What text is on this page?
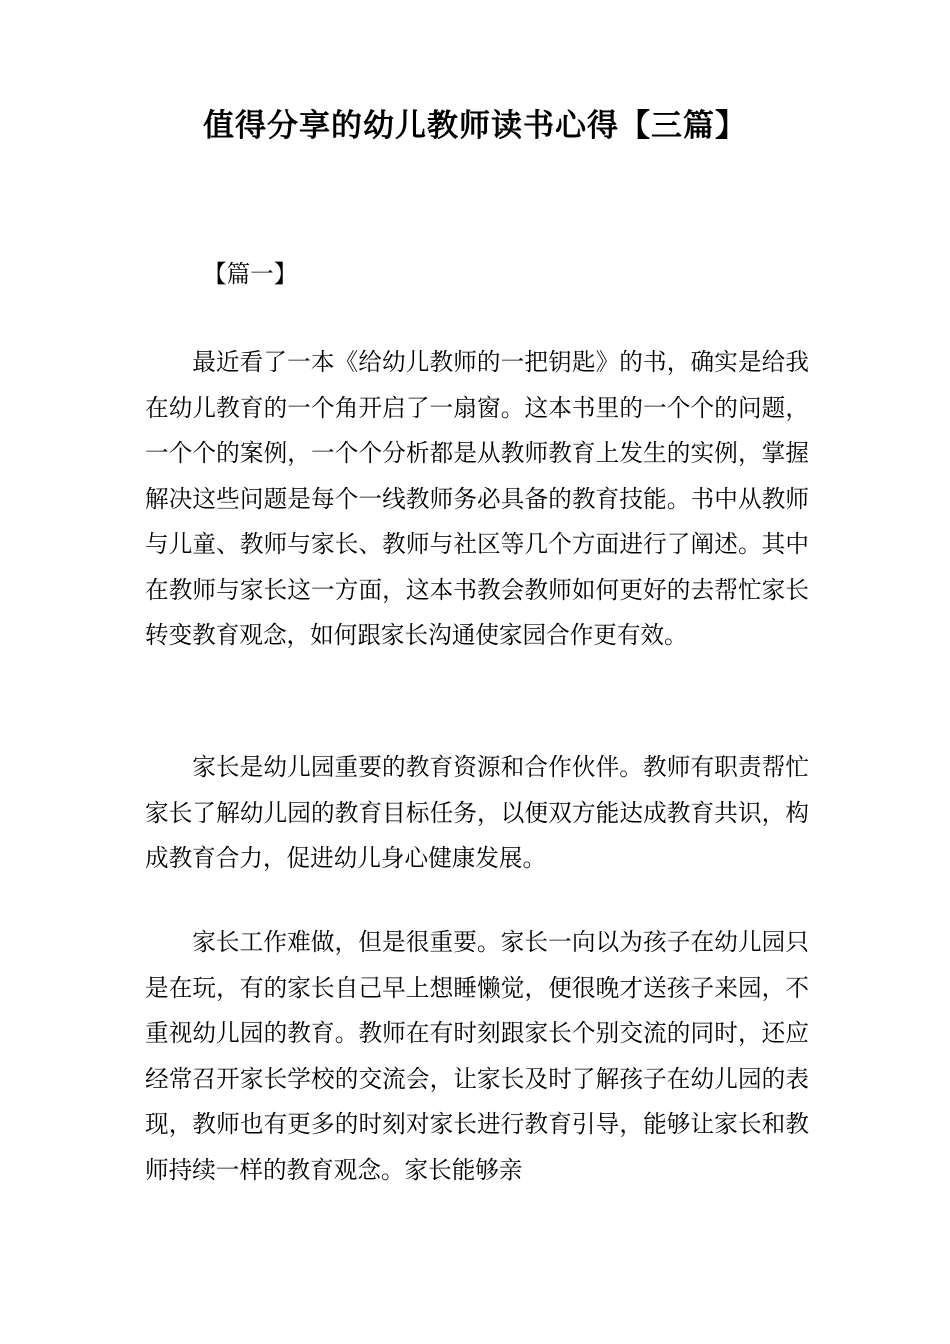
值得分享的幼儿教师读书心得【三篇】

【篇一】

最近看了一本《给幼儿教师的一把钥匙》的书，确实是给我在幼儿教育的一个角开启了一扇窗。这本书里的一个个的问题，一个个的案例，一个个分析都是从教师教育上发生的实例，掌握解决这些问题是每个一线教师务必具备的教育技能。书中从教师与儿童、教师与家长、教师与社区等几个方面进行了阐述。其中在教师与家长这一方面，这本书教会教师如何更好的去帮忙家长转变教育观念，如何跟家长沟通使家园合作更有效。

家长是幼儿园重要的教育资源和合作伙伴。教师有职责帮忙家长了解幼儿园的教育目标任务，以便双方能达成教育共识，构成教育合力，促进幼儿身心健康发展。

家长工作难做，但是很重要。家长一向以为孩子在幼儿园只是在玩，有的家长自己早上想睡懒觉，便很晚才送孩子来园，不重视幼儿园的教育。教师在有时刻跟家长个别交流的同时，还应经常召开家长学校的交流会，让家长及时了解孩子在幼儿园的表现，教师也有更多的时刻对家长进行教育引导，能够让家长和教师持续一样的教育观念。家长能够亲
